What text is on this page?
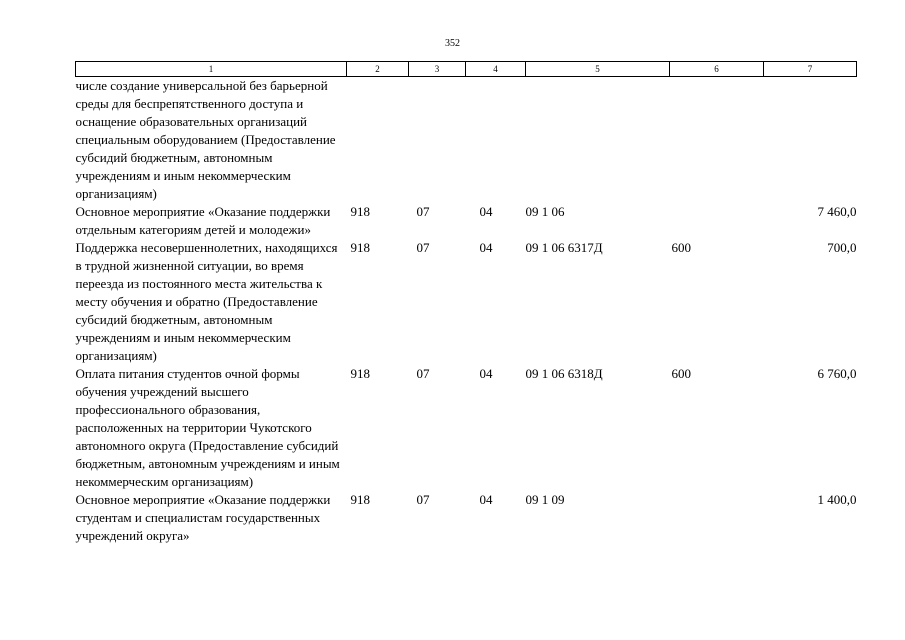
352
1	2	3	4	5	6	7
числе создание универсальной без барьерной среды для беспрепятственного доступа и оснащение образовательных организаций специальным оборудованием (Предоставление субсидий бюджетным, автономным учреждениям и иным некоммерческим организациям)						
Основное мероприятие «Оказание поддержки отдельным категориям детей и молодежи»	918	07	04	09 1 06		7 460,0
Поддержка несовершеннолетних, находящихся в трудной жизненной ситуации, во время переезда из постоянного места жительства к месту обучения и обратно (Предоставление субсидий бюджетным, автономным учреждениям и иным некоммерческим организациям)	918	07	04	09 1 06 6317Д	600	700,0
Оплата питания студентов очной формы обучения учреждений высшего профессионального образования, расположенных на территории Чукотского автономного округа (Предоставление субсидий бюджетным, автономным учреждениям и иным некоммерческим организациям)	918	07	04	09 1 06 6318Д	600	6 760,0
Основное мероприятие «Оказание поддержки студентам и специалистам государственных учреждений округа»	918	07	04	09 1 09		1 400,0
